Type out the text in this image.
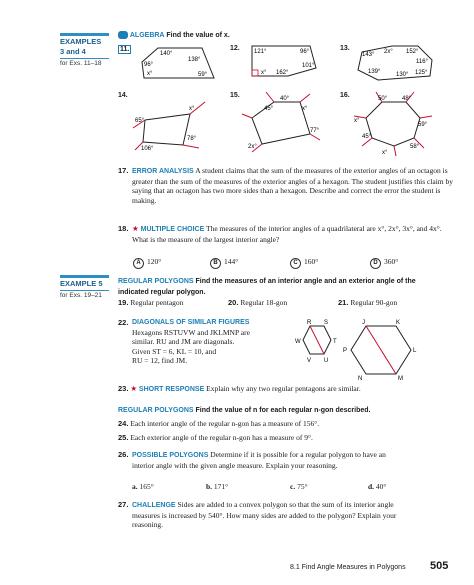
EXAMPLES
3 and 4
for Exs. 11–18
EXAMPLE 5
for Exs. 19–21
ALGEBRA Find the value of x.
11.
140°
96°
138°
x°	59°
12. 121°	96°
101°
162°
x°
13.
143° 2x° 152°
116°
125°
139°	130°
14.
x°
65°
78°
106°
15.
45°
40°
x°
77°
2x°
16.	50° 48°
x°
59°
58°
45°
x°
17. ERROR ANALYSIS A student claims that the sum of the measures of the exterior angles of an octagon is greater than the sum of the measures of the exterior angles of a hexagon. The student justifies this claim by saying that an octagon has two more sides than a hexagon. Describe and correct the error the student is making.
18. ★ MULTIPLE CHOICE The measures of the interior angles of a quadrilateral are x°, 2x°, 3x°, and 4x°. What is the measure of the largest interior angle?
A 120°	B 144°	C 160°	D 360°
REGULAR POLYGONS Find the measures of an interior angle and an exterior angle of the indicated regular polygon.
19. Regular pentagon	20. Regular 18-gon	21. Regular 90-gon
22. DIAGONALS OF SIMILAR FIGURES
Hexagons RSTUVW and JKLMNP are
similar. RU and JM are diagonals.
Given ST = 6, KL = 10, and
RU = 12, find JM.
R S
T
U
V
W
J	K
L
M
N
P
23. ★ SHORT RESPONSE Explain why any two regular pentagons are similar.
REGULAR POLYGONS Find the value of n for each regular n-gon described.
24. Each interior angle of the regular n-gon has a measure of 156°.
25. Each exterior angle of the regular n-gon has a measure of 9°.
26. POSSIBLE POLYGONS Determine if it is possible for a regular polygon to have an interior angle with the given angle measure. Explain your reasoning.
a. 165°	b. 171°	c. 75°	d. 40°
27. CHALLENGE Sides are added to a convex polygon so that the sum of its interior angle measures is increased by 540°. How many sides are added to the polygon? Explain your reasoning.
8.1 Find Angle Measures in Polygons 505
